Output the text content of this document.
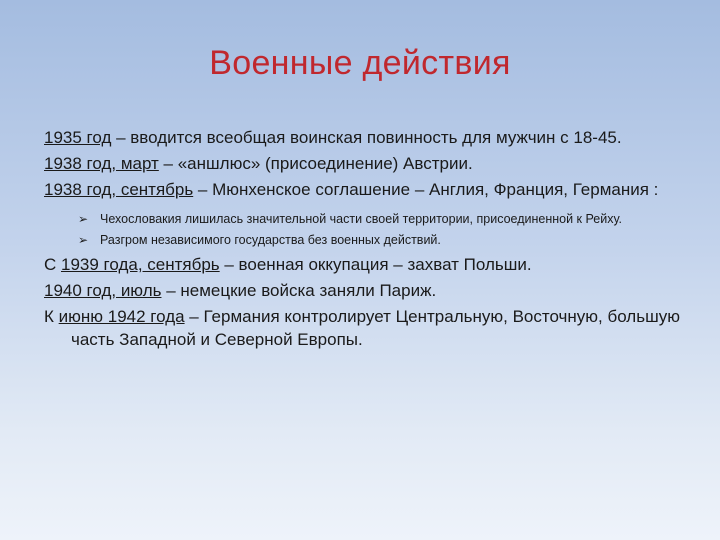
Военные действия
1935 год – вводится всеобщая воинская повинность для мужчин с 18-45.
1938 год, март – «аншлюс» (присоединение) Австрии.
1938 год, сентябрь – Мюнхенское соглашение – Англия, Франция, Германия :
➢ Чехословакия лишилась значительной части своей территории, присоединенной к Рейху.
➢ Разгром независимого государства без военных действий.
С 1939 года, сентябрь – военная оккупация – захват Польши.
1940 год, июль – немецкие войска заняли Париж.
К июню 1942 года – Германия контролирует Центральную, Восточную, большую часть Западной и Северной Европы.
